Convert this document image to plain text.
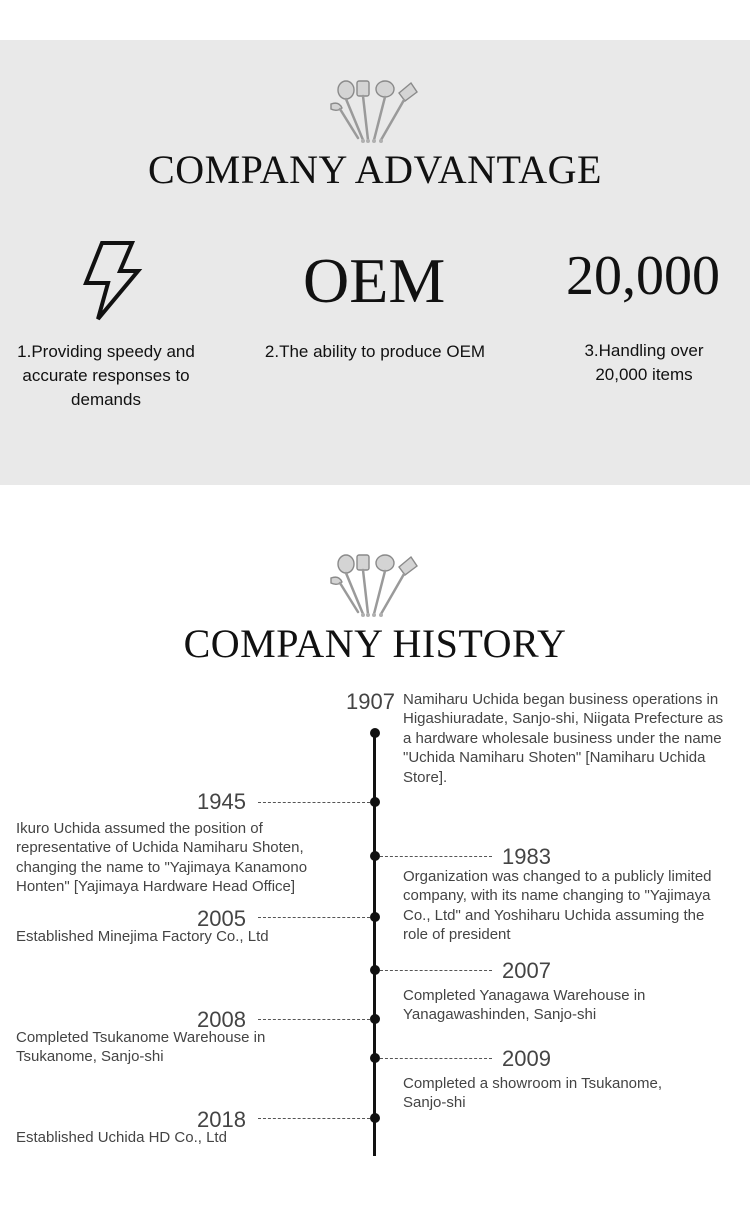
COMPANY ADVANTAGE
OEM 20,000
1.Providing speedy and accurate responses to demands
2.The ability to produce OEM	3.Handling over 20,000 items
COMPANY HISTORY
1907 Namiharu Uchida began business operations in Higashiuradate, Sanjo-shi, Niigata Prefecture as a hardware wholesale business under the name "Uchida Namiharu Shoten" [Namiharu Uchida Store].
1945
Ikuro Uchida assumed the position of representative of Uchida Namiharu Shoten, changing the name to "Yajimaya Kanamono Honten" [Yajimaya Hardware Head Office]
1983
Organization was changed to a publicly limited company, with its name changing to "Yajimaya Co., Ltd" and Yoshiharu Uchida assuming the role of president
2005
Established Minejima Factory Co., Ltd
2007
Completed Yanagawa Warehouse in Yanagawashinden, Sanjo-shi
2008
Completed Tsukanome Warehouse in Tsukanome, Sanjo-shi	2009
Completed a showroom in Tsukanome, Sanjo-shi
2018
Established Uchida HD Co., Ltd
